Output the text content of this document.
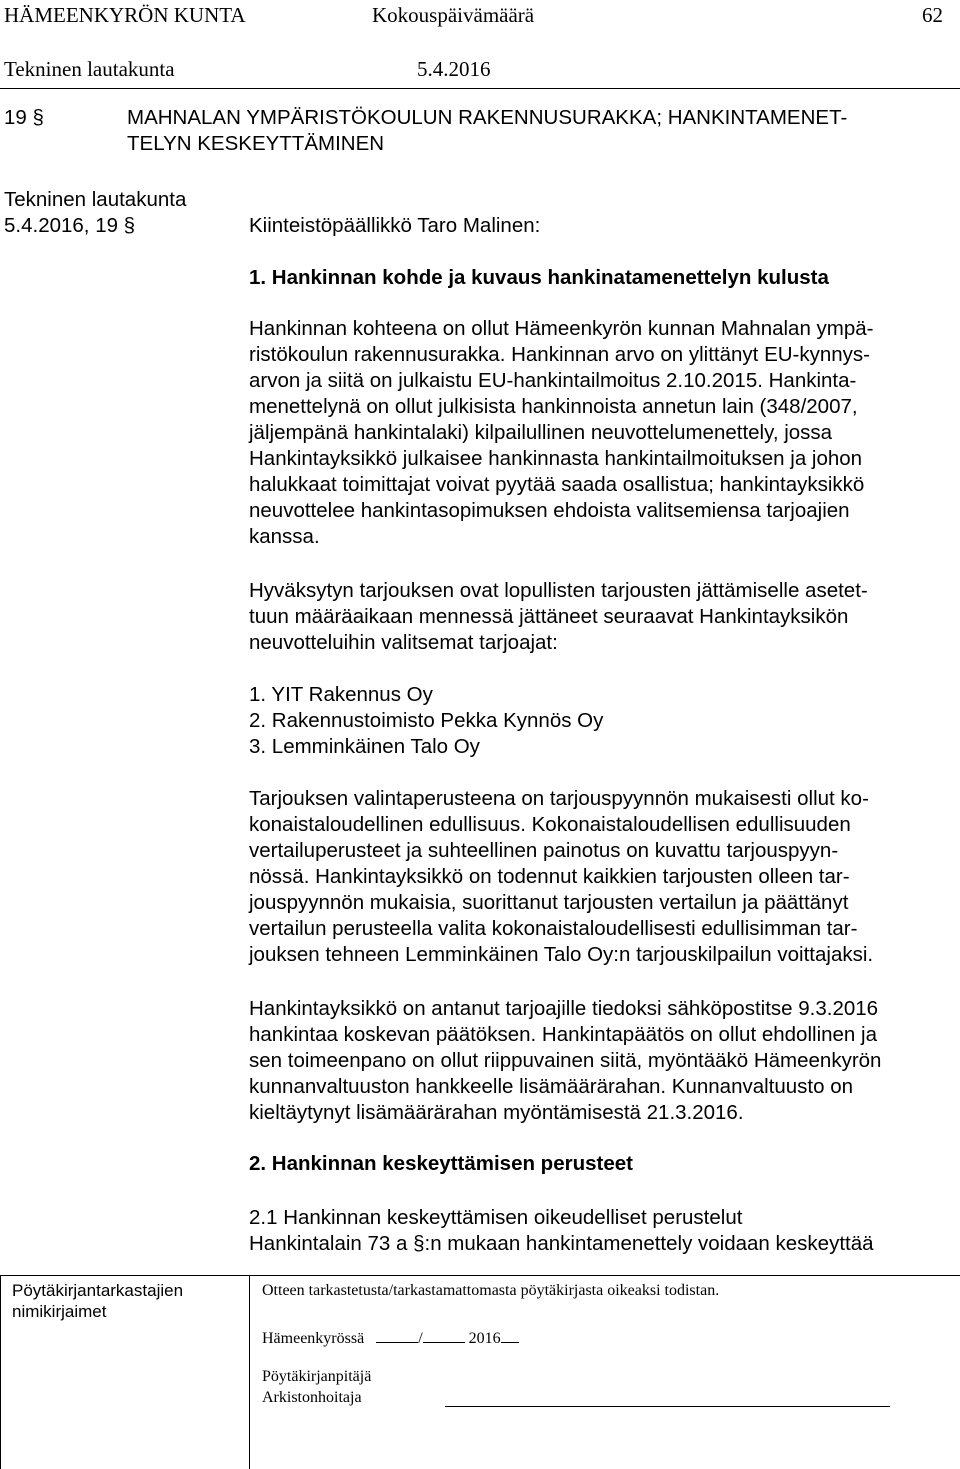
HÄMEENKYRÖN KUNTA	Kokouspäivämäärä	62
Tekninen lautakunta	5.4.2016
19 §	MAHNALAN YMPÄRISTÖKOULUN RAKENNUSURAKKA; HANKINTAMENET-
TELYN KESKEYTTÄMINEN
Tekninen lautakunta
5.4.2016, 19 §	Kiinteistöpäällikkö Taro Malinen:
1. Hankinnan kohde ja kuvaus hankinatamenettelyn kulusta
Hankinnan kohteena on ollut Hämeenkyrön kunnan Mahnalan ympä-
ristökoulun rakennusurakka. Hankinnan arvo on ylittänyt EU-kynnys-
arvon ja siitä on julkaistu EU-hankintailmoitus 2.10.2015. Hankinta-
menettelynä on ollut julkisista hankinnoista annetun lain (348/2007,
jäljempänä hankintalaki) kilpailullinen neuvottelumenettely, jossa
Hankintayksikkö julkaisee hankinnasta hankintailmoituksen ja johon
halukkaat toimittajat voivat pyytää saada osallistua; hankintayksikkö
neuvottelee hankintasopimuksen ehdoista valitsemiensa tarjoajien
kanssa.
Hyväksytyn tarjouksen ovat lopullisten tarjousten jättämiselle asetet-
tuun määräaikaan mennessä jättäneet seuraavat Hankintayksikön
neuvotteluihin valitsemat tarjoajat:
1. YIT Rakennus Oy
2. Rakennustoimisto Pekka Kynnös Oy
3. Lemminkäinen Talo Oy
Tarjouksen valintaperusteena on tarjouspyynnön mukaisesti ollut ko-
konaistaloudellinen edullisuus. Kokonaistaloudellisen edullisuuden
vertailuperusteet ja suhteellinen painotus on kuvattu tarjouspyyn-
nössä. Hankintayksikkö on todennut kaikkien tarjousten olleen tar-
jouspyynnön mukaisia, suorittanut tarjousten vertailun ja päättänyt
vertailun perusteella valita kokonaistaloudellisesti edullisimman tar-
jouksen tehneen Lemminkäinen Talo Oy:n tarjouskilpailun voittajaksi.
Hankintayksikkö on antanut tarjoajille tiedoksi sähköpostitse 9.3.2016
hankintaa koskevan päätöksen. Hankintapäätös on ollut ehdollinen ja
sen toimeenpano on ollut riippuvainen siitä, myöntääkö Hämeenkyrön
kunnanvaltuuston hankkeelle lisämäärärahan. Kunnanvaltuusto on
kieltäytynyt lisämäärärahan myöntämisestä 21.3.2016.
2. Hankinnan keskeyttämisen perusteet
2.1 Hankinnan keskeyttämisen oikeudelliset perustelut
Hankintalain 73 a §:n mukaan hankintamenettely voidaan keskeyttää
Pöytäkirjantarkastajien
nimikirjaimet
Otteen tarkastetusta/tarkastamattomasta pöytäkirjasta oikeaksi todistan.
Hämeenkyrössä	/	2016
Pöytäkirjanpitäjä
Arkistonhoitaja
